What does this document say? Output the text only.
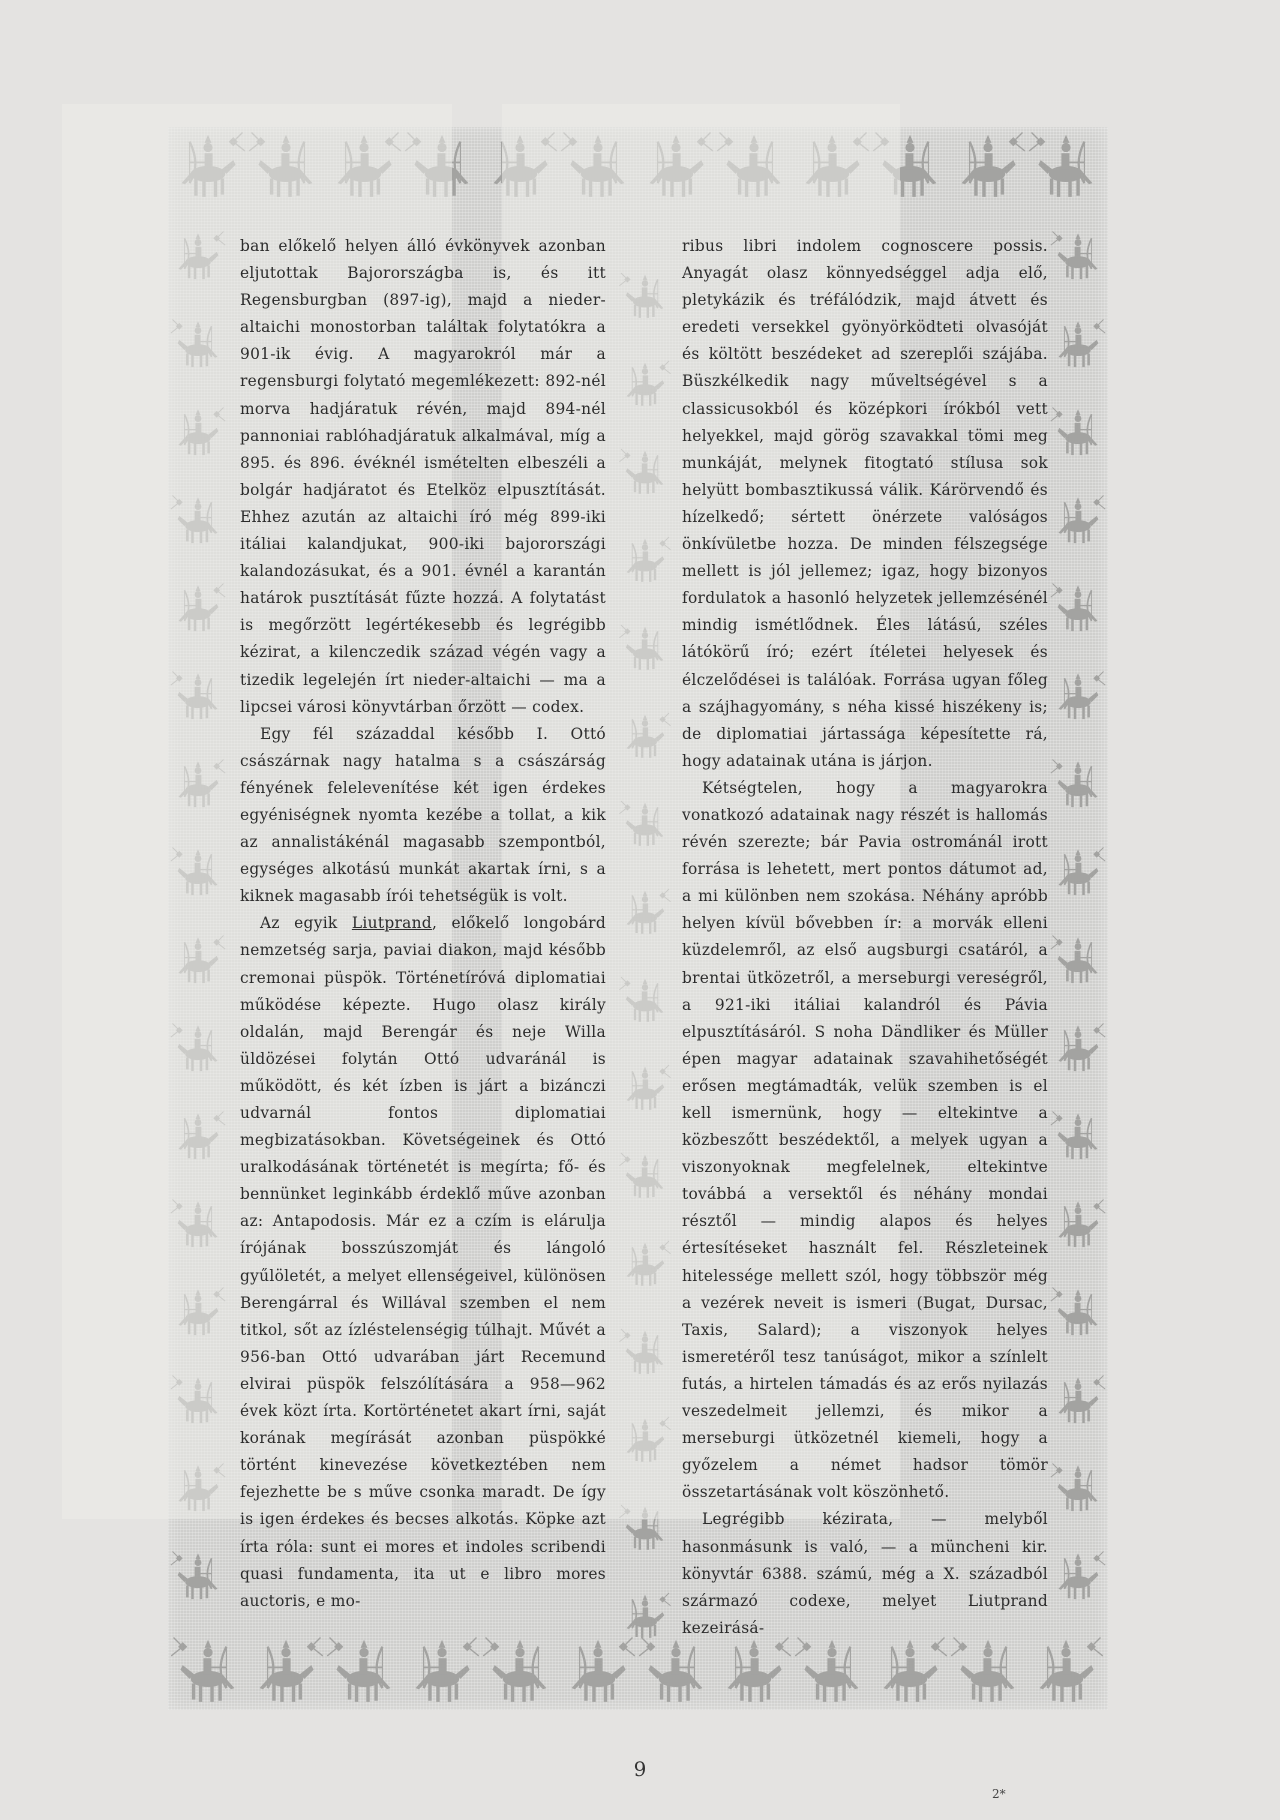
ban előkelő helyen álló évkönyvek azonban eljutottak Bajorországba is, és itt Regensburgban (897-ig), majd a nieder-altaichi monostorban találtak folytatókra a 901-ik évig. A magyarokról már a regensburgi folytató megemlékezett: 892-nél morva hadjáratuk révén, majd 894-nél pannoniai rablóhadjáratuk alkalmával, míg a 895. és 896. évéknél ismételten elbeszéli a bolgár hadjáratot és Etelköz elpusztítását. Ehhez azután az altaichi író még 899-iki itáliai kalandjukat, 900-iki bajorországi kalandozásukat, és a 901. évnél a karantán határok pusztítását fűzte hozzá. A folytatást is megőrzött legértékesebb és legrégibb kézirat, a kilenczedik század végén vagy a tizedik legelején írt nieder-altaichi — ma a lipcsei városi könyvtárban őrzött — codex.

Egy fél századdal később I. Ottó császárnak nagy hatalma s a császárság fényének felelevenítése két igen érdekes egyéniségnek nyomta kezébe a tollat, a kik az annalistákénál magasabb szempontból, egységes alkotású munkát akartak írni, s a kiknek magasabb írói tehetségük is volt.

Az egyik Liutprand, előkelő longobárd nemzetség sarja, paviai diakon, majd később cremonai püspök. Történetíróvá diplomatiai működése képezte. Hugo olasz király oldalán, majd Berengár és neje Willa üldözései folytán Ottó udvaránál is működött, és két ízben is járt a bizánczi udvarnál fontos diplomatiai megbizatásokban. Követségeinek és Ottó uralkodásának történetét is megírta; fő- és bennünket leginkább érdeklő műve azonban az: Antapodosis. Már ez a czím is elárulja írójának bosszúszomját és lángoló gyűlöletét, a melyet ellenségeivel, különösen Berengárral és Willával szemben el nem titkol, sőt az ízléstelenségig túlhajt. Művét a 956-ban Ottó udvarában járt Recemund elvirai püspök felszólítására a 958—962 évek közt írta. Kortörténetet akart írni, saját korának megírását azonban püspökké történt kinevezése következtében nem fejezhette be s műve csonka maradt. De így is igen érdekes és becses alkotás. Köpke azt írta róla: sunt ei mores et indoles scribendi quasi fundamenta, ita ut e libro mores auctoris, e mo-

ribus libri indolem cognoscere possis. Anyagát olasz könnyedséggel adja elő, pletykázik és tréfálódzik, majd átvett és eredeti versekkel gyönyörködteti olvasóját és költött beszédeket ad szereplői szájába. Büszkélkedik nagy műveltségével s a classicusokból és középkori írókból vett helyekkel, majd görög szavakkal tömi meg munkáját, melynek fitogtató stílusa sok helyütt bombasztikussá válik. Kárörvendő és hízelkedő; sértett önérzete valóságos önkívületbe hozza. De minden félszegsége mellett is jól jellemez; igaz, hogy bizonyos fordulatok a hasonló helyzetek jellemzésénél mindig ismétlődnek. Éles látású, széles látókörű író; ezért ítéletei helyesek és élczelődései is találóak. Forrása ugyan főleg a szájhagyomány, s néha kissé hiszékeny is; de diplomatiai jártassága képesítette rá, hogy adatainak utána is járjon.

Kétségtelen, hogy a magyarokra vonatkozó adatainak nagy részét is hallomás révén szerezte; bár Pavia ostrománál irott forrása is lehetett, mert pontos dátumot ad, a mi különben nem szokása. Néhány apróbb helyen kívül bővebben ír: a morvák elleni küzdelemről, az első augsburgi csatáról, a brentai ütközetről, a merseburgi vereségről, a 921-iki itáliai kalandról és Pávia elpusztításáról. S noha Dändliker és Müller épen magyar adatainak szavahihetőségét erősen megtámadták, velük szemben is el kell ismernünk, hogy — eltekintve a közbeszőtt beszédektől, a melyek ugyan a viszonyoknak megfelelnek, eltekintve továbbá a versektől és néhány mondai résztől — mindig alapos és helyes értesítéseket használt fel. Részleteinek hitelessége mellett szól, hogy többször még a vezérek neveit is ismeri (Bugat, Dursac, Taxis, Salard); a viszonyok helyes ismeretéről tesz tanúságot, mikor a színlelt futás, a hirtelen támadás és az erős nyilazás veszedelmeit jellemzi, és mikor a merseburgi ütközetnél kiemeli, hogy a győzelem a német hadsor tömör összetartásának volt köszönhető.

Legrégibb kézirata, — melyből hasonmásunk is való, — a müncheni kir. könyvtár 6388. számú, még a X. századból származó codexe, melyet Liutprand kezeirásá-

9
2*
